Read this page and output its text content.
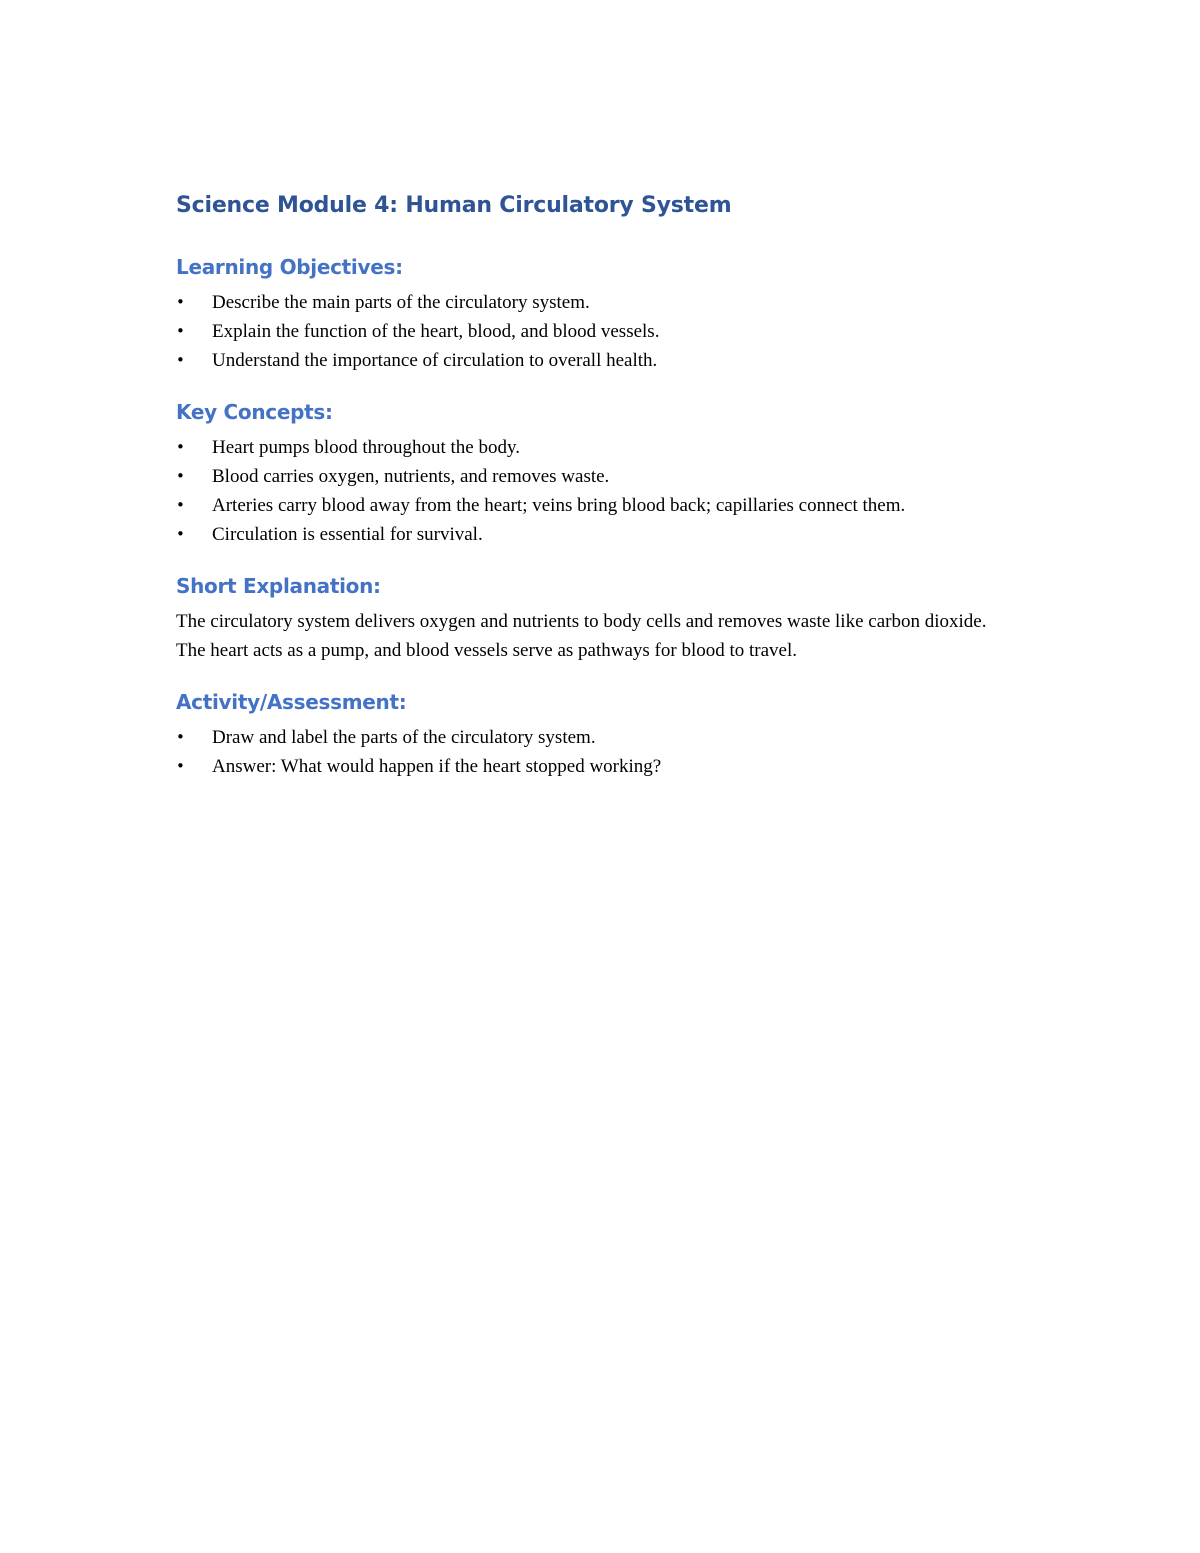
Science Module 4: Human Circulatory System
Learning Objectives:
• Describe the main parts of the circulatory system.
• Explain the function of the heart, blood, and blood vessels.
• Understand the importance of circulation to overall health.
Key Concepts:
• Heart pumps blood throughout the body.
• Blood carries oxygen, nutrients, and removes waste.
• Arteries carry blood away from the heart; veins bring blood back; capillaries connect them.
• Circulation is essential for survival.
Short Explanation:

The circulatory system delivers oxygen and nutrients to body cells and removes waste like carbon dioxide. The heart acts as a pump, and blood vessels serve as pathways for blood to travel.

Activity/Assessment:
• Draw and label the parts of the circulatory system.
• Answer: What would happen if the heart stopped working?
